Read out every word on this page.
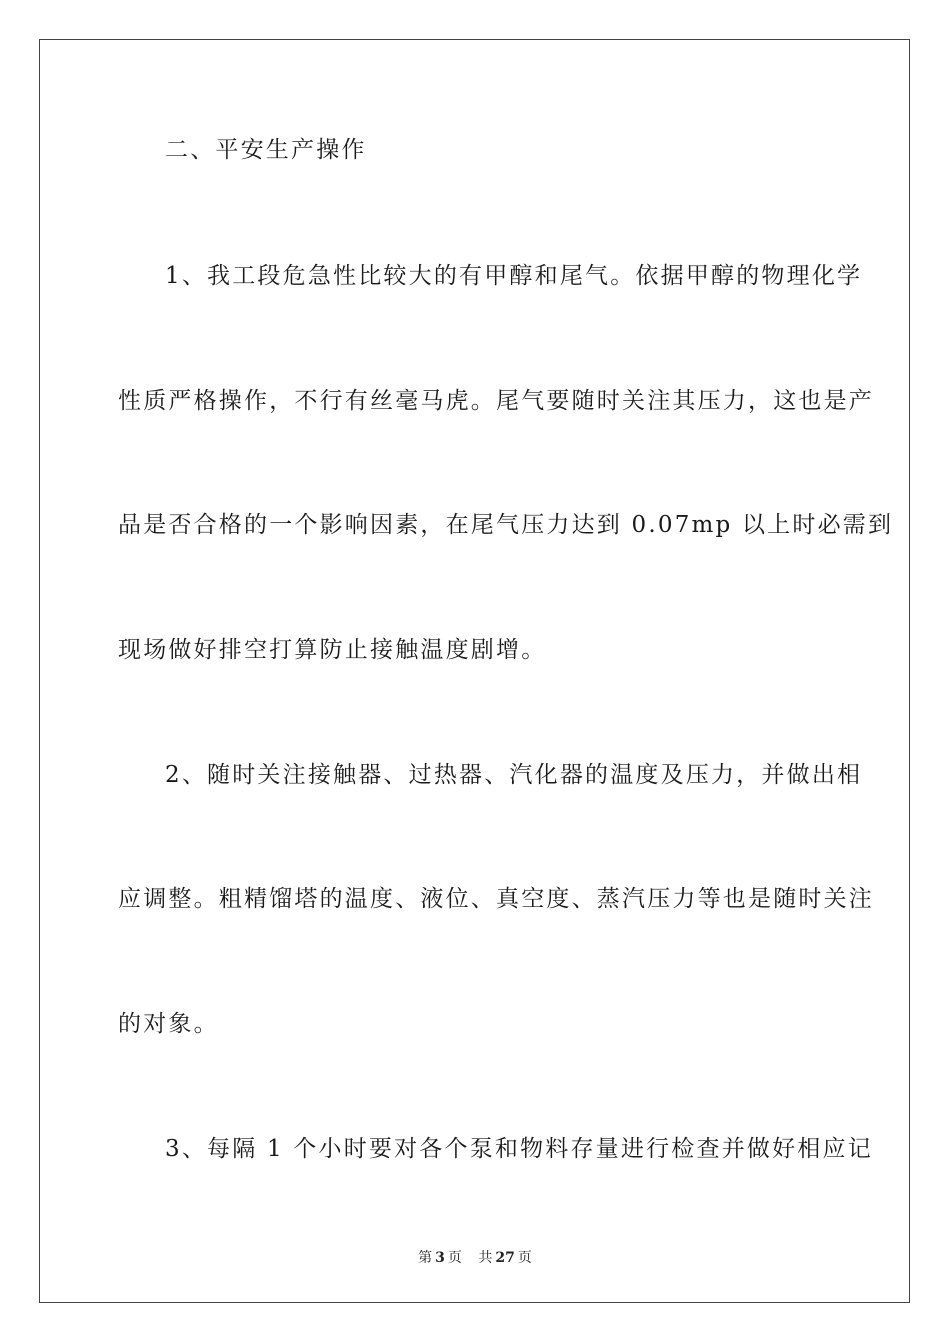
二、平安生产操作
1、我工段危急性比较大的有甲醇和尾气。依据甲醇的物理化学
性质严格操作，不行有丝毫马虎。尾气要随时关注其压力，这也是产
品是否合格的一个影响因素，在尾气压力达到 0.07mp 以上时必需到
现场做好排空打算防止接触温度剧增。
2、随时关注接触器、过热器、汽化器的温度及压力，并做出相
应调整。粗精馏塔的温度、液位、真空度、蒸汽压力等也是随时关注
的对象。
3、每隔 1 个小时要对各个泵和物料存量进行检查并做好相应记
第 3 页 共 27 页
